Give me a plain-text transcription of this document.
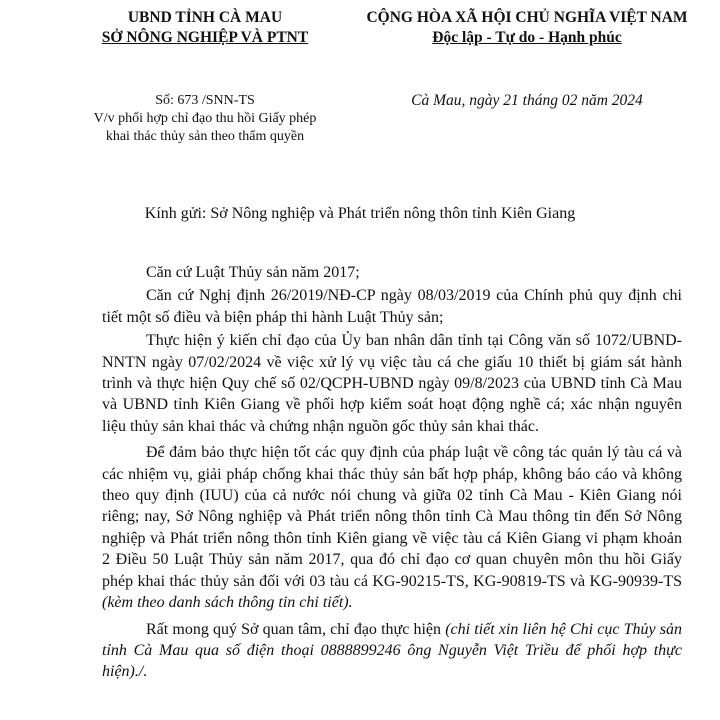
UBND TỈNH CÀ MAU
SỞ NÔNG NGHIỆP VÀ PTNT
CỘNG HÒA XÃ HỘI CHỦ NGHĨA VIỆT NAM
Độc lập - Tự do - Hạnh phúc
Số: 673 /SNN-TS
V/v phối hợp chỉ đạo thu hồi Giấy phép
khai thác thủy sản theo thẩm quyền
Cà Mau, ngày 21 tháng 02 năm 2024
Kính gửi: Sở Nông nghiệp và Phát triển nông thôn tỉnh Kiên Giang

Căn cứ Luật Thủy sản năm 2017;

Căn cứ Nghị định 26/2019/NĐ-CP ngày 08/03/2019 của Chính phủ quy định chi tiết một số điều và biện pháp thi hành Luật Thủy sản;

Thực hiện ý kiến chỉ đạo của Ủy ban nhân dân tỉnh tại Công văn số 1072/UBND-NNTN ngày 07/02/2024 về việc xử lý vụ việc tàu cá che giấu 10 thiết bị giám sát hành trình và thực hiện Quy chế số 02/QCPH-UBND ngày 09/8/2023 của UBND tỉnh Cà Mau và UBND tỉnh Kiên Giang về phối hợp kiểm soát hoạt động nghề cá; xác nhận nguyên liệu thủy sản khai thác và chứng nhận nguồn gốc thủy sản khai thác.

Để đảm bảo thực hiện tốt các quy định của pháp luật về công tác quản lý tàu cá và các nhiệm vụ, giải pháp chống khai thác thủy sản bất hợp pháp, không báo cáo và không theo quy định (IUU) của cả nước nói chung và giữa 02 tỉnh Cà Mau - Kiên Giang nói riêng; nay, Sở Nông nghiệp và Phát triển nông thôn tỉnh Cà Mau thông tin đến Sở Nông nghiệp và Phát triển nông thôn tỉnh Kiên giang về việc tàu cá Kiên Giang vi phạm khoản 2 Điều 50 Luật Thủy sản năm 2017, qua đó chỉ đạo cơ quan chuyên môn thu hồi Giấy phép khai thác thủy sản đối với 03 tàu cá KG-90215-TS, KG-90819-TS và KG-90939-TS (kèm theo danh sách thông tin chi tiết).

Rất mong quý Sở quan tâm, chỉ đạo thực hiện (chi tiết xin liên hệ Chi cục Thủy sản tỉnh Cà Mau qua số điện thoại 0888899246 ông Nguyễn Việt Triều để phối hợp thực hiện)./.
